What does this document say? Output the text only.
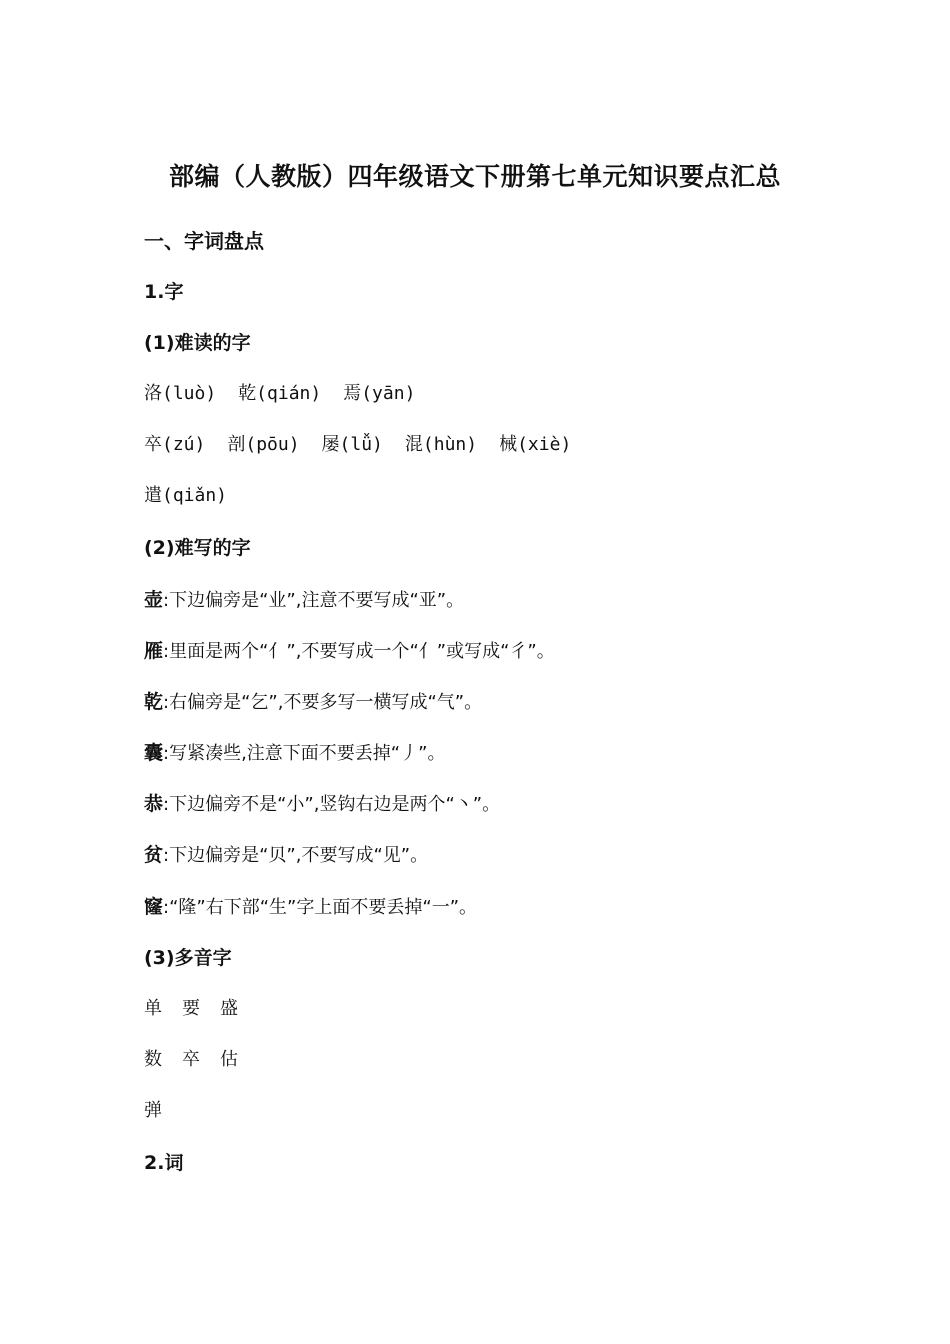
部编（人教版）四年级语文下册第七单元知识要点汇总
一、字词盘点
1.字
(1)难读的字
洛(luò) 乾(qián) 焉(yān)
卒(zú) 剖(pōu) 屡(lǚ) 混(hùn) 械(xiè)
遣(qiǎn)
(2)难写的字
壶:下边偏旁是“业”,注意不要写成“亚”。
雁:里面是两个“亻”,不要写成一个“亻”或写成“彳”。
乾:右偏旁是“乞”,不要多写一横写成“气”。
囊:写紧凑些,注意下面不要丢掉“丿”。
恭:下边偏旁不是“小”,竖钩右边是两个“丶”。
贫:下边偏旁是“贝”,不要写成“见”。
窿:“隆”右下部“生”字上面不要丢掉“一”。
(3)多音字
单 要 盛
数 卒 估
弹
2.词
